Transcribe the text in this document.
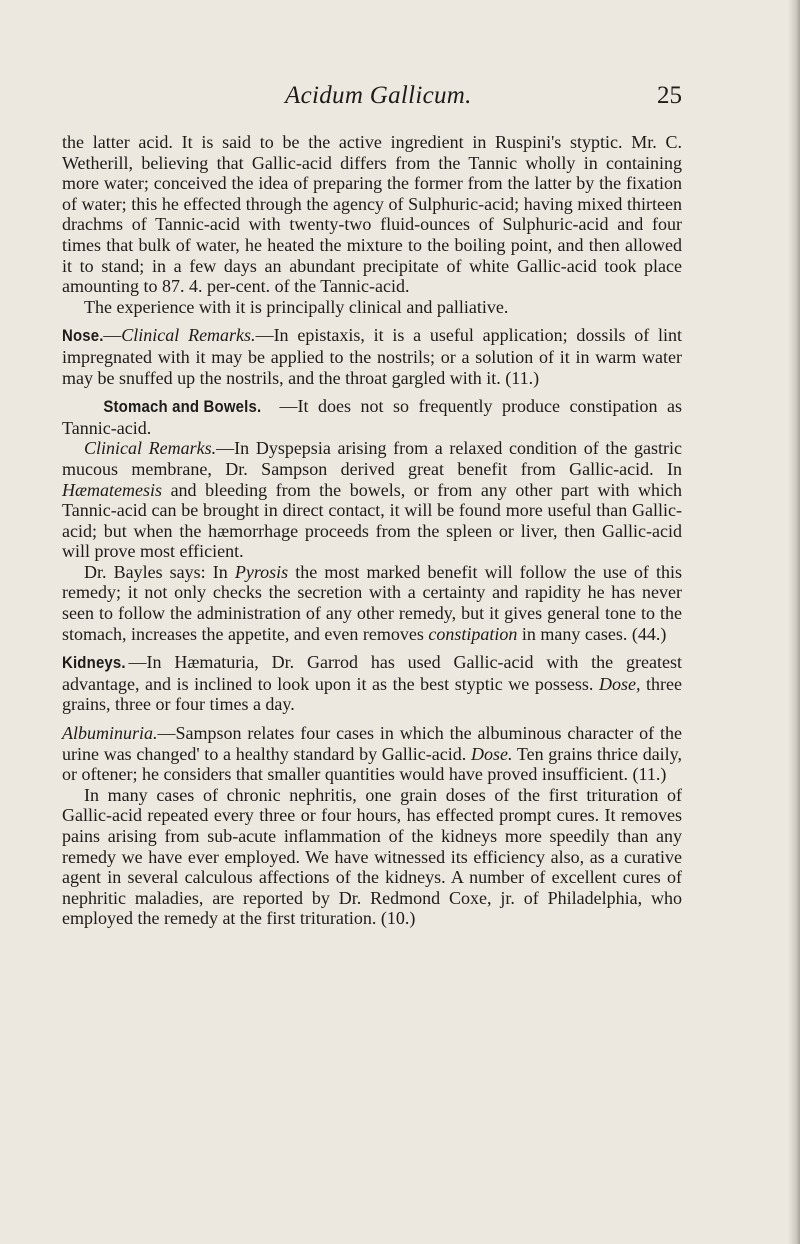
Acidum Gallicum.	25

the latter acid. It is said to be the active ingredient in Ruspini's styptic. Mr. C. Wetherill, believing that Gallic-acid differs from the Tannic wholly in containing more water; conceived the idea of preparing the former from the latter by the fixation of water; this he effected through the agency of Sulphuric-acid; having mixed thirteen drachms of Tannic-acid with twenty-two fluid-ounces of Sulphuric-acid and four times that bulk of water, he heated the mixture to the boiling point, and then allowed it to stand; in a few days an abundant precipitate of white Gallic-acid took place amounting to 87. 4. per-cent. of the Tannic-acid.

The experience with it is principally clinical and palliative.

Nose.—Clinical Remarks.—In epistaxis, it is a useful application; dossils of lint impregnated with it may be applied to the nostrils; or a solution of it in warm water may be snuffed up the nostrils, and the throat gargled with it. (11.)

Stomach and Bowels. —It does not so frequently produce constipation as Tannic-acid.

Clinical Remarks.—In Dyspepsia arising from a relaxed condition of the gastric mucous membrane, Dr. Sampson derived great benefit from Gallic-acid. In Hæmatemesis and bleeding from the bowels, or from any other part with which Tannic-acid can be brought in direct contact, it will be found more useful than Gallic-acid; but when the hæmorrhage proceeds from the spleen or liver, then Gallic-acid will prove most efficient.

Dr. Bayles says: In Pyrosis the most marked benefit will follow the use of this remedy; it not only checks the secretion with a certainty and rapidity he has never seen to follow the administration of any other remedy, but it gives general tone to the stomach, increases the appetite, and even removes constipation in many cases. (44.)

Kidneys. —In Hæmaturia, Dr. Garrod has used Gallic-acid with the greatest advantage, and is inclined to look upon it as the best styptic we possess. Dose, three grains, three or four times a day.

Albuminuria.—Sampson relates four cases in which the albuminous character of the urine was changed' to a healthy standard by Gallic-acid. Dose. Ten grains thrice daily, or oftener; he considers that smaller quantities would have proved insufficient. (11.)

In many cases of chronic nephritis, one grain doses of the first trituration of Gallic-acid repeated every three or four hours, has effected prompt cures. It removes pains arising from sub-acute inflammation of the kidneys more speedily than any remedy we have ever employed. We have witnessed its efficiency also, as a curative agent in several calculous affections of the kidneys. A number of excellent cures of nephritic maladies, are reported by Dr. Redmond Coxe, jr. of Philadelphia, who employed the remedy at the first trituration. (10.)
